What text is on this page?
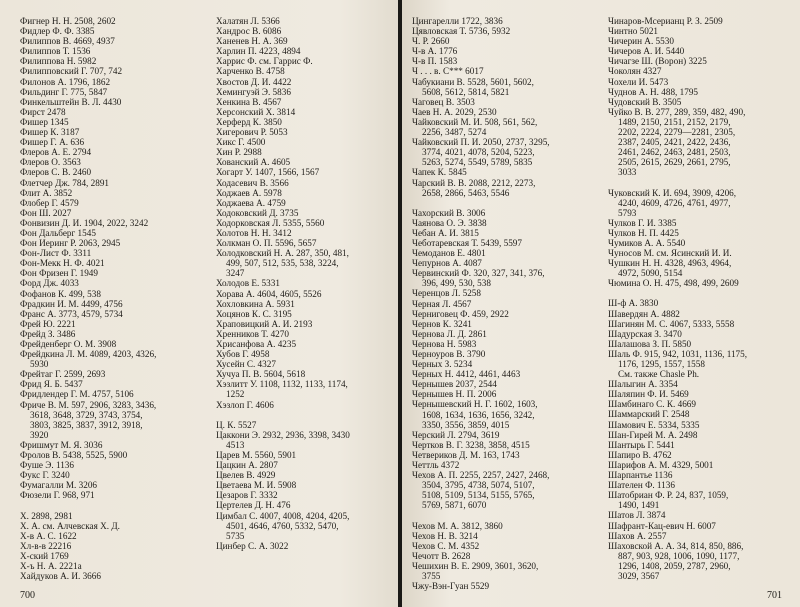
Фигнер Н. Н. 2508, 2602
Фидлер Ф. Ф. 3385
Филиппов В. 4669, 4937
Филиппов Т. 1536
Филиппова Н. 5982
Филипповский Г. 707, 742
Филонов А. 1796, 1862
Фильдинг Г. 775, 5847
Финкельштейн В. Л. 4430
Фирст 2478
Фишер 1345
Фишер К. 3187
Фишер Г. А. 636
Флеров А. Е. 2794
Флеров О. 3563
Флеров С. В. 2460
Флетчер Дж. 784, 2891
Флит А. 3852
Флобер Г. 4579
Фон Ш. 2027
Фонвизин Д. И. 1904, 2022, 3242
Фон Дальберг 1545
Фон Иеринг Р. 2063, 2945
Фон-Лист Ф. 3311
Фон-Мекк Н. Ф. 4021
Фон Фризен Г. 1949
Форд Дж. 4033
Фофанов К. 499, 538
Фрадкин И. М. 4499, 4756
Франс А. 3773, 4579, 5734
Фрей Ю. 2221
Фрейд З. 3486
Фрейденберг О. М. 3908
Фрейдкина Л. М. 4089, 4203, 4326,
5930
Фрейтаг Г. 2599, 2693
Фрид Я. Б. 5437
Фридлендер Г. М. 4757, 5106
Фриче В. М. 597, 2906, 3283, 3436,
3618, 3648, 3729, 3743, 3754,
3803, 3825, 3837, 3912, 3918,
3920
Фришмут М. Я. 3036
Фролов В. 5438, 5525, 5900
Фуше Э. 1136
Фукс Г. 3240
Фумагалли М. 3206
Фюзели Г. 968, 971
Х. 2898, 2981
Х. А. см. Алчевская Х. Д.
Х-в А. С. 1622
Хл-в-в 22216
Х-ский 1769
Х-ъ Н. А. 2221а
Хайдуков А. И. 3666
Халатян Л. 5366
Хандрос В. 6086
Ханенев Н. А. 369
Харлин П. 4223, 4894
Харрис Ф. см. Гаррис Ф.
Харченко В. 4758
Хвостов Д. И. 4422
Хемингуэй Э. 5836
Хенкина В. 4567
Херсонский Х. 3814
Херферд К. 3850
Хигерович Р. 5053
Хикс Г. 4500
Хин Р. 2988
Хованский А. 4605
Хогарт У. 1407, 1566, 1567
Ходасевич В. 3566
Ходжаев А. 5978
Ходжаева А. 4759
Ходоковский Д. 3735
Ходорковская Л. 5355, 5560
Холотов Н. Н. 3412
Холкман О. П. 5596, 5657
Холодковский Н. А. 287, 350, 481,
499, 507, 512, 535, 538, 3224,
3247
Холодов Е. 5331
Хорава А. 4604, 4605, 5526
Хохловкина А. 5931
Хоцянов К. С. 3195
Храповицкий А. И. 2193
Хренников Т. 4270
Хрисанфова А. 4235
Хубов Г. 4958
Хусейн С. 4327
Хучуа П. В. 5604, 5618
Хэзлитт У. 1108, 1132, 1133, 1174,
1252
Хэзлоп Г. 4606
Ц. К. 5527
Цаккони Э. 2932, 2936, 3398, 3430
4513
Царев М. 5560, 5901
Цацкин А. 2807
Цвелев В. 4929
Цветаева М. И. 5908
Цезаров Г. 3332
Цертелев Д. Н. 476
Цимбал С. 4007, 4008, 4204, 4205,
4501, 4646, 4760, 5332, 5470,
5735
Цинбер С. А. 3022
700
Цингарелли 1722, 3836
Цявловская Т. 5736, 5932
Ч. Р. 2660
Ч-в А. 1776
Ч-в П. 1583
Ч . . . в. С*** 6017
Чабукиани В. 5528, 5601, 5602,
5608, 5612, 5814, 5821
Чаговец В. 3503
Чаев Н. А. 2029, 2530
Чайковский М. И. 508, 561, 562,
2256, 3487, 5274
Чайковский П. И. 2050, 2737, 3295,
3774, 4021, 4078, 5204, 5223,
5263, 5274, 5549, 5789, 5835
Чапек К. 5845
Чарский В. В. 2088, 2212, 2273,
2658, 2866, 5463, 5546
Чахорский В. 3006
Чаянова О. Э. 3838
Чебан А. И. 3815
Чеботаревская Т. 5439, 5597
Чемоданов Е. 4801
Чепурнов А. 4087
Червинский Ф. 320, 327, 341, 376,
396, 499, 530, 538
Черенцов Л. 5258
Черная Л. 4567
Черниговец Ф. 459, 2922
Чернов К. 3241
Чернова Л. Д. 2861
Чернова Н. 5983
Черноуров В. 3790
Черных З. 5234
Черных Н. 4412, 4461, 4463
Чернышев 2037, 2544
Чернышев Н. П. 2006
Чернышевский Н. Г. 1602, 1603,
1608, 1634, 1636, 1656, 3242,
3350, 3556, 3859, 4015
Черский Л. 2794, 3619
Чертков В. Г. 3238, 3858, 4515
Четвериков Д. М. 163, 1743
Четтль 4372
Чехов А. П. 2255, 2257, 2427, 2468,
3504, 3795, 4738, 5074, 5107,
5108, 5109, 5134, 5155, 5765,
5769, 5871, 6070
Чехов М. А. 3812, 3860
Чехов Н. В. 3214
Чехов С. М. 4352
Чечотт В. 2628
Чешихин В. Е. 2909, 3601, 3620,
3755
Чжу-Вэн-Гуан 5529
Чинаров-Мсерианц Р. З. 2509
Чинтно 5021
Чичерин А. 5530
Чичеров А. И. 5440
Чичагзе Ш. (Ворон) 3225
Чоколян 4327
Чохели И. 5473
Чуднов А. Н. 488, 1795
Чудовский В. 3505
Чуйко В. В. 277, 289, 359, 482, 490,
1489, 2150, 2151, 2152, 2179,
2202, 2224, 2279—2281, 2305,
2387, 2405, 2421, 2422, 2436,
2461, 2462, 2463, 2481, 2503,
2505, 2615, 2629, 2661, 2795,
3033
Чуковский К. И. 694, 3909, 4206,
4240, 4609, 4726, 4761, 4977,
5793
Чулков Г. И. 3385
Чулков Н. П. 4425
Чумиков А. А. 5540
Чуносов М. см. Ясинский И. И.
Чушкин Н. Н. 4328, 4963, 4964,
4972, 5090, 5154
Чюмина О. Н. 475, 498, 499, 2609
Ш-ф А. 3830
Шавердян А. 4882
Шагинян М. С. 4067, 5333, 5558
Шадурская З. 3470
Шалашова З. П. 5850
Шаль Ф. 915, 942, 1031, 1136, 1175,
1176, 1295, 1557, 1558
См. также Chasle Ph.
Шалыгин А. 3354
Шаляпин Ф. И. 5469
Шамбинаго С. К. 4669
Шаммарский Г. 2548
Шамович Е. 5334, 5335
Шан-Гирей М. А. 2498
Шантырь Г. 5441
Шапиро В. 4762
Шарифов А. М. 4329, 5001
Шарпантье 1136
Шателен Ф. 1136
Шатобриан Ф. Р. 24, 837, 1059,
1490, 1491
Шатов Л. 3874
Шафрант-Кац-евич Н. 6007
Шахов А. 2557
Шаховской А. А. 34, 814, 850, 886,
887, 903, 928, 1006, 1090, 1177,
1296, 1408, 2059, 2787, 2960,
3029, 3567
701
